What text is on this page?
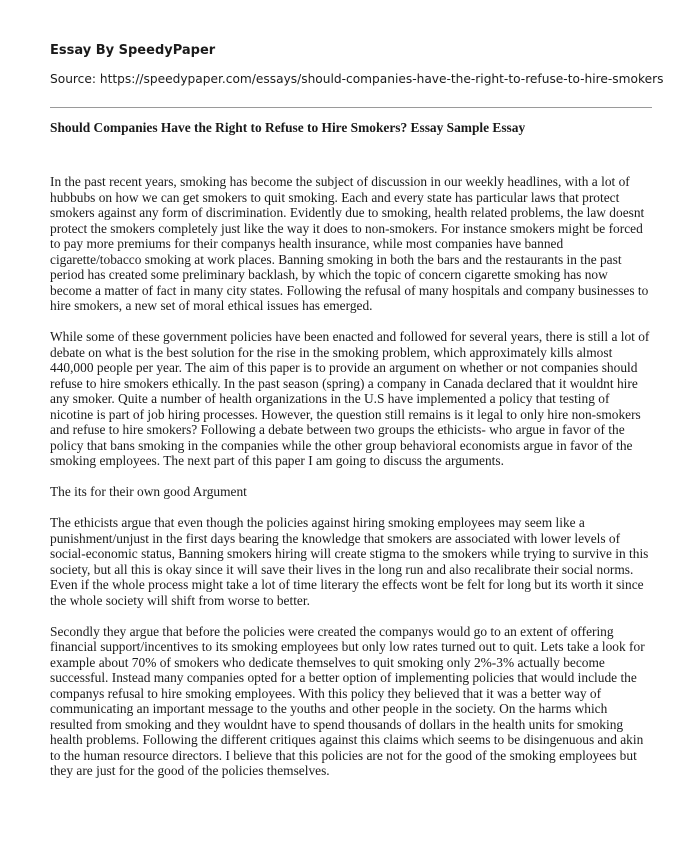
Essay By SpeedyPaper
Source: https://speedypaper.com/essays/should-companies-have-the-right-to-refuse-to-hire-smokers
Should Companies Have the Right to Refuse to Hire Smokers? Essay Sample Essay

In the past recent years, smoking has become the subject of discussion in our weekly headlines, with a lot of hubbubs on how we can get smokers to quit smoking. Each and every state has particular laws that protect smokers against any form of discrimination. Evidently due to smoking, health related problems, the law doesnt protect the smokers completely just like the way it does to non-smokers. For instance smokers might be forced to pay more premiums for their companys health insurance, while most companies have banned cigarette/tobacco smoking at work places. Banning smoking in both the bars and the restaurants in the past period has created some preliminary backlash, by which the topic of concern cigarette smoking has now become a matter of fact in many city states. Following the refusal of many hospitals and company businesses to hire smokers, a new set of moral ethical issues has emerged.

While some of these government policies have been enacted and followed for several years, there is still a lot of debate on what is the best solution for the rise in the smoking problem, which approximately kills almost 440,000 people per year. The aim of this paper is to provide an argument on whether or not companies should refuse to hire smokers ethically. In the past season (spring) a company in Canada declared that it wouldnt hire any smoker. Quite a number of health organizations in the U.S have implemented a policy that testing of nicotine is part of job hiring processes. However, the question still remains is it legal to only hire non-smokers and refuse to hire smokers? Following a debate between two groups the ethicists- who argue in favor of the policy that bans smoking in the companies while the other group behavioral economists argue in favor of the smoking employees. The next part of this paper I am going to discuss the arguments.

The its for their own good Argument

The ethicists argue that even though the policies against hiring smoking employees may seem like a punishment/unjust in the first days bearing the knowledge that smokers are associated with lower levels of social-economic status, Banning smokers hiring will create stigma to the smokers while trying to survive in this society, but all this is okay since it will save their lives in the long run and also recalibrate their social norms. Even if the whole process might take a lot of time literary the effects wont be felt for long but its worth it since the whole society will shift from worse to better.

Secondly they argue that before the policies were created the companys would go to an extent of offering financial support/incentives to its smoking employees but only low rates turned out to quit. Lets take a look for example about 70% of smokers who dedicate themselves to quit smoking only 2%-3% actually become successful. Instead many companies opted for a better option of implementing policies that would include the companys refusal to hire smoking employees. With this policy they believed that it was a better way of communicating an important message to the youths and other people in the society. On the harms which resulted from smoking and they wouldnt have to spend thousands of dollars in the health units for smoking health problems. Following the different critiques against this claims which seems to be disingenuous and akin to the human resource directors. I believe that this policies are not for the good of the smoking employees but they are just for the good of the policies themselves.
